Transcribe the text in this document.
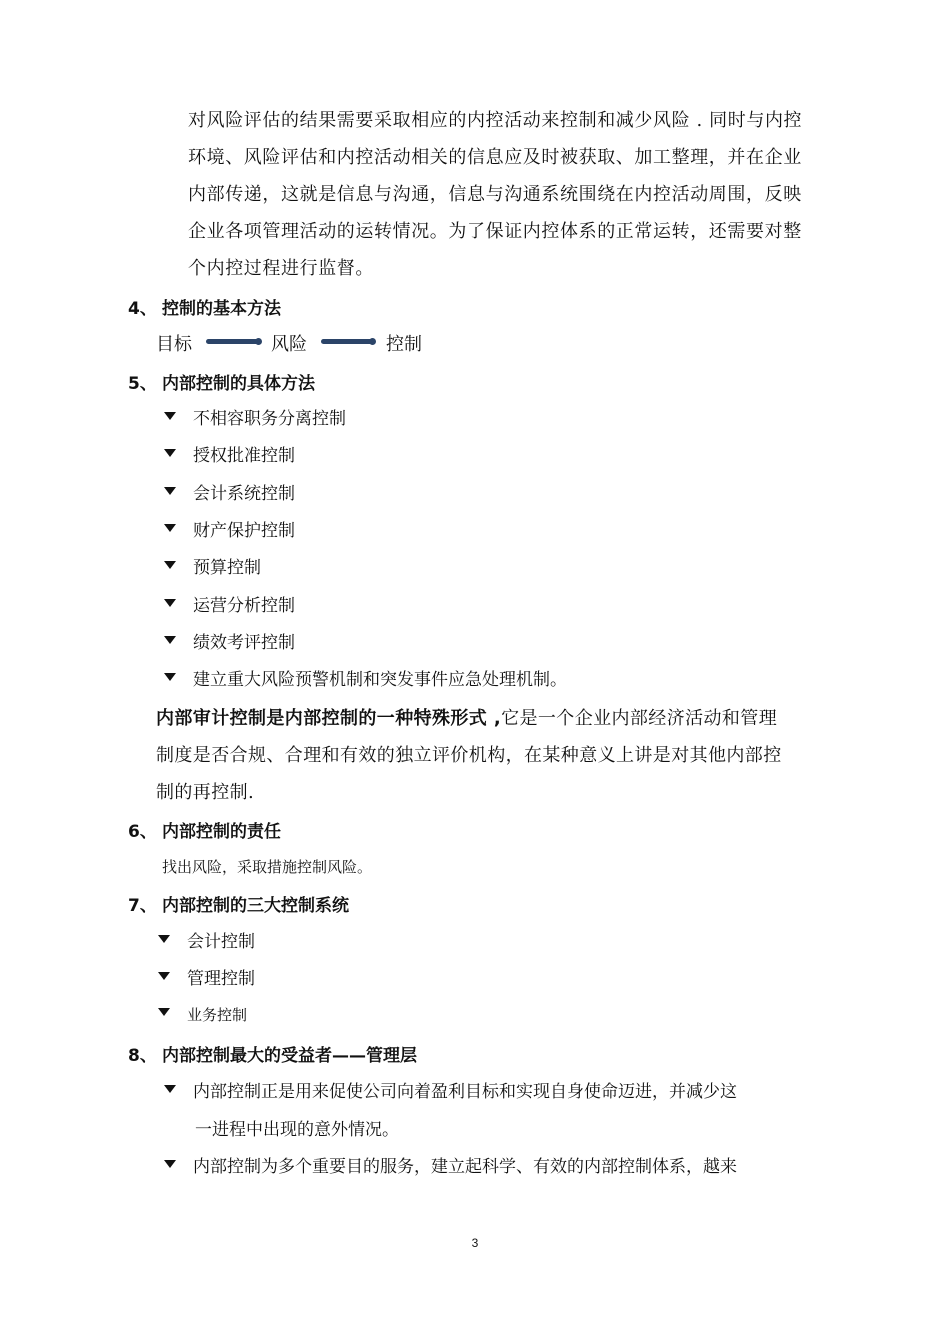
对风险评估的结果需要采取相应的内控活动来控制和减少风险 . 同时与内控
环境、风险评估和内控活动相关的信息应及时被获取、加工整理，并在企业
内部传递，这就是信息与沟通，信息与沟通系统围绕在内控活动周围，反映
企业各项管理活动的运转情况。为了保证内控体系的正常运转，还需要对整
个内控过程进行监督。
4、 控制的基本方法
目标	风险	控制
5、 内部控制的具体方法
不相容职务分离控制
授权批准控制
会计系统控制
财产保护控制
预算控制
运营分析控制
绩效考评控制
建立重大风险预警机制和突发事件应急处理机制。
内部审计控制是内部控制的一种特殊形式 ,它是一个企业内部经济活动和管理
制度是否合规、合理和有效的独立评价机构，在某种意义上讲是对其他内部控
制的再控制.
6、 内部控制的责任
找出风险，采取措施控制风险。
7、 内部控制的三大控制系统
会计控制
管理控制
业务控制
8、 内部控制最大的受益者——管理层
内部控制正是用来促使公司向着盈利目标和实现自身使命迈进，并减少这
一进程中出现的意外情况。
内部控制为多个重要目的服务，建立起科学、有效的内部控制体系，越来
3
